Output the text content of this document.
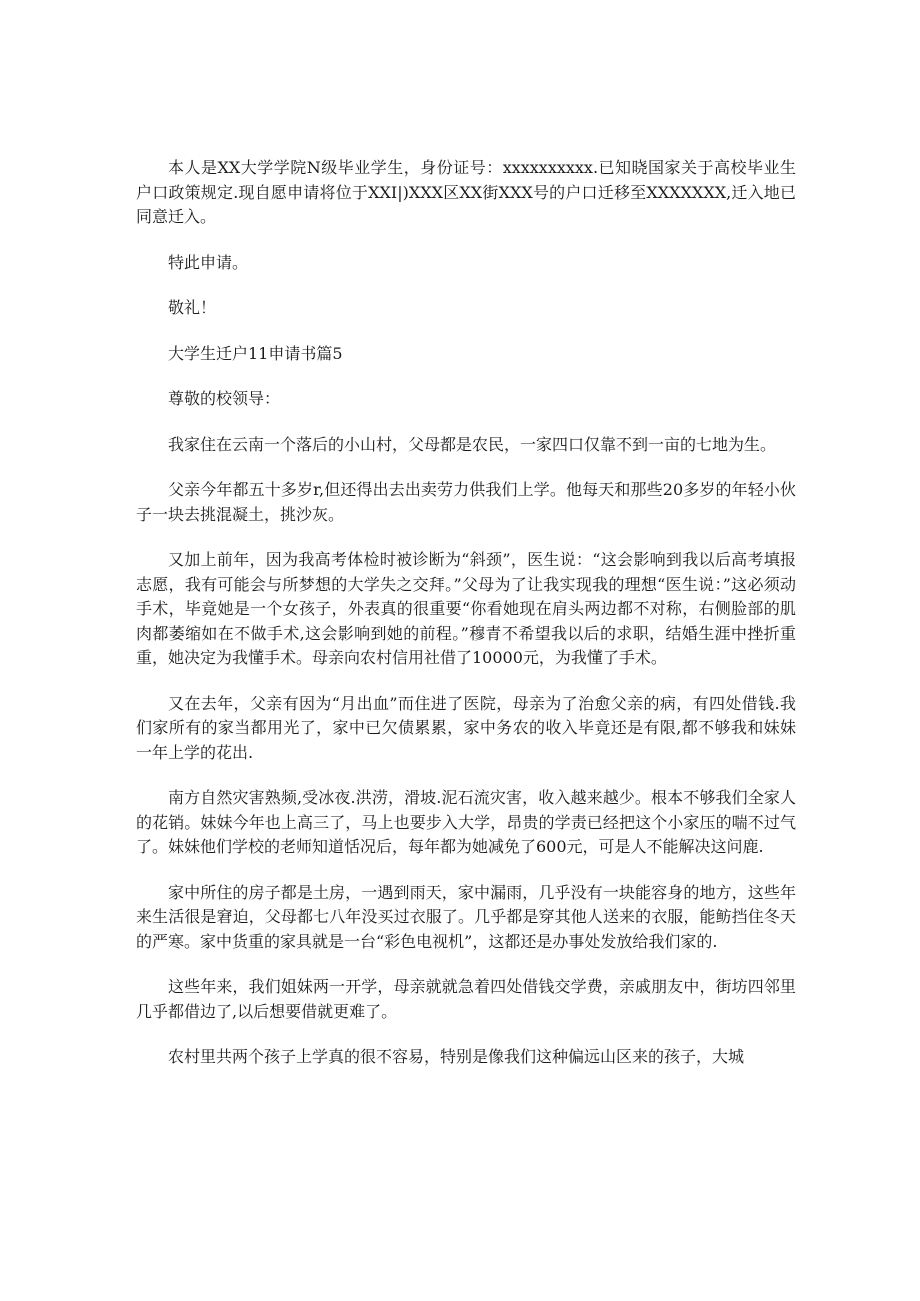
本人是XX大学学院N级毕业学生，身份证号：xxxxxxxxxx.已知晓国家关于高校毕业生户口政策规定.现自愿申请将位于XXI|)XXX区XX街XXX号的户口迁移至XXXXXXX,迁入地已同意迁入。

特此申请。

敬礼！

大学生迁户11申请书篇5

尊敬的校领导：

我家住在云南一个落后的小山村，父母都是农民，一家四口仅靠不到一亩的七地为生。

父亲今年都五十多岁r,但还得出去出卖劳力供我们上学。他每天和那些20多岁的年轻小伙子一块去挑混凝土，挑沙灰。

又加上前年，因为我高考体检时被诊断为“斜颈”，医生说：“这会影响到我以后高考填报志愿，我有可能会与所梦想的大学失之交拜。”父母为了让我实现我的理想“医生说：”这必须动手术，毕竟她是一个女孩子，外表真的很重要“你看她现在肩头两边都不对称，右侧脸部的肌肉都萎缩如在不做手术,这会影响到她的前程。”穆青不希望我以后的求职，结婚生涯中挫折重重，她决定为我懂手术。母亲向农村信用社借了10000元，为我懂了手术。

又在去年，父亲有因为“月出血”而住进了医院，母亲为了治愈父亲的病，有四处借钱.我们家所有的家当都用光了，家中已欠债累累，家中务农的收入毕竟还是有限,都不够我和妹妹一年上学的花出.

南方自然灾害熟频,受冰夜.洪涝，滑坡.泥石流灾害，收入越来越少。根本不够我们全家人的花销。妹妹今年也上高三了，马上也要步入大学，昂贵的学责已经把这个小家压的喘不过气了。妹妹他们学校的老师知道恬况后，每年都为她减免了600元，可是人不能解决这问鹿.

家中所住的房子都是土房，一遇到雨天，家中漏雨，几乎没有一块能容身的地方，这些年来生活很是窘迫，父母都七八年没买过衣服了。几乎都是穿其他人送来的衣服，能鲂挡住冬天的严寒。家中货重的家具就是一台“彩色电视机”，这都还是办事处发放给我们家的.

这些年来，我们姐妹两一开学，母亲就就急着四处借钱交学费，亲戚朋友中，街坊四邻里几乎都借边了,以后想要借就更难了。

农村里共两个孩子上学真的很不容易，特别是像我们这种偏远山区来的孩子，大城
